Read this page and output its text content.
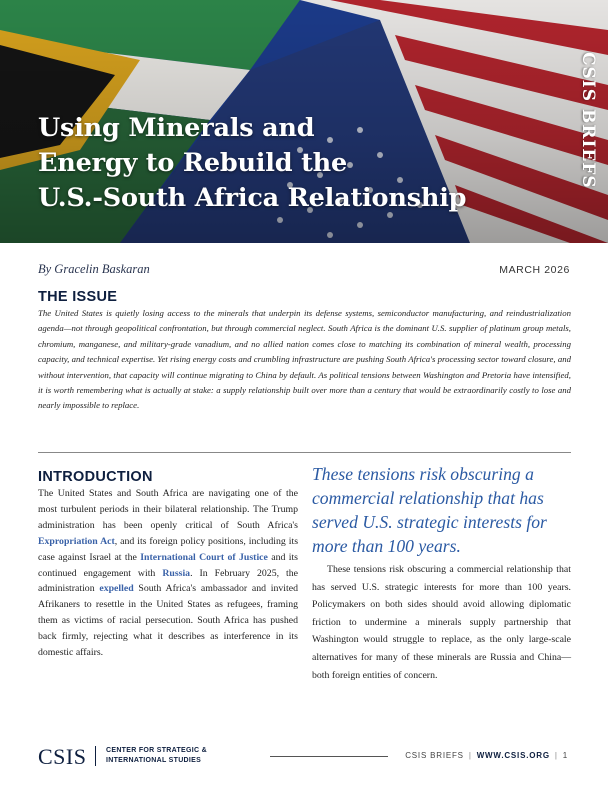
Using Minerals and
Energy to Rebuild the
U.S.-South Africa Relationship
CSIS BRIEFS
By Gracelin Baskaran	MARCH 2026
THE ISSUE

The United States is quietly losing access to the minerals that underpin its defense systems, semiconductor manufacturing, and reindustrialization agenda—not through geopolitical confrontation, but through commercial neglect. South Africa is the dominant U.S. supplier of platinum group metals, chromium, manganese, and military-grade vanadium, and no allied nation comes close to matching its combination of mineral wealth, processing capacity, and technical expertise. Yet rising energy costs and crumbling infrastructure are pushing South Africa's processing sector toward closure, and without intervention, that capacity will continue migrating to China by default. As political tensions between Washington and Pretoria have intensified, it is worth remembering what is actually at stake: a supply relationship built over more than a century that would be extraordinarily costly to lose and nearly impossible to replace.

INTRODUCTION

The United States and South Africa are navigating one of the most turbulent periods in their bilateral relationship. The Trump administration has been openly critical of South Africa's Expropriation Act, and its foreign policy positions, including its case against Israel at the International Court of Justice and its continued engagement with Russia. In February 2025, the administration expelled South Africa's ambassador and invited Afrikaners to resettle in the United States as refugees, framing them as victims of racial persecution. South Africa has pushed back firmly, rejecting what it describes as interference in its domestic affairs.

These tensions risk obscuring a commercial relationship that has served U.S. strategic interests for more than 100 years.

These tensions risk obscuring a commercial relationship that has served U.S. strategic interests for more than 100 years. Policymakers on both sides should avoid allowing diplomatic friction to undermine a minerals supply partnership that Washington would struggle to replace, as the only large-scale alternatives for many of these minerals are Russia and China—both foreign entities of concern.

CSIS	CENTER FOR STRATEGIC &
INTERNATIONAL STUDIES
CSIS BRIEFS | WWW.CSIS.ORG | 1
